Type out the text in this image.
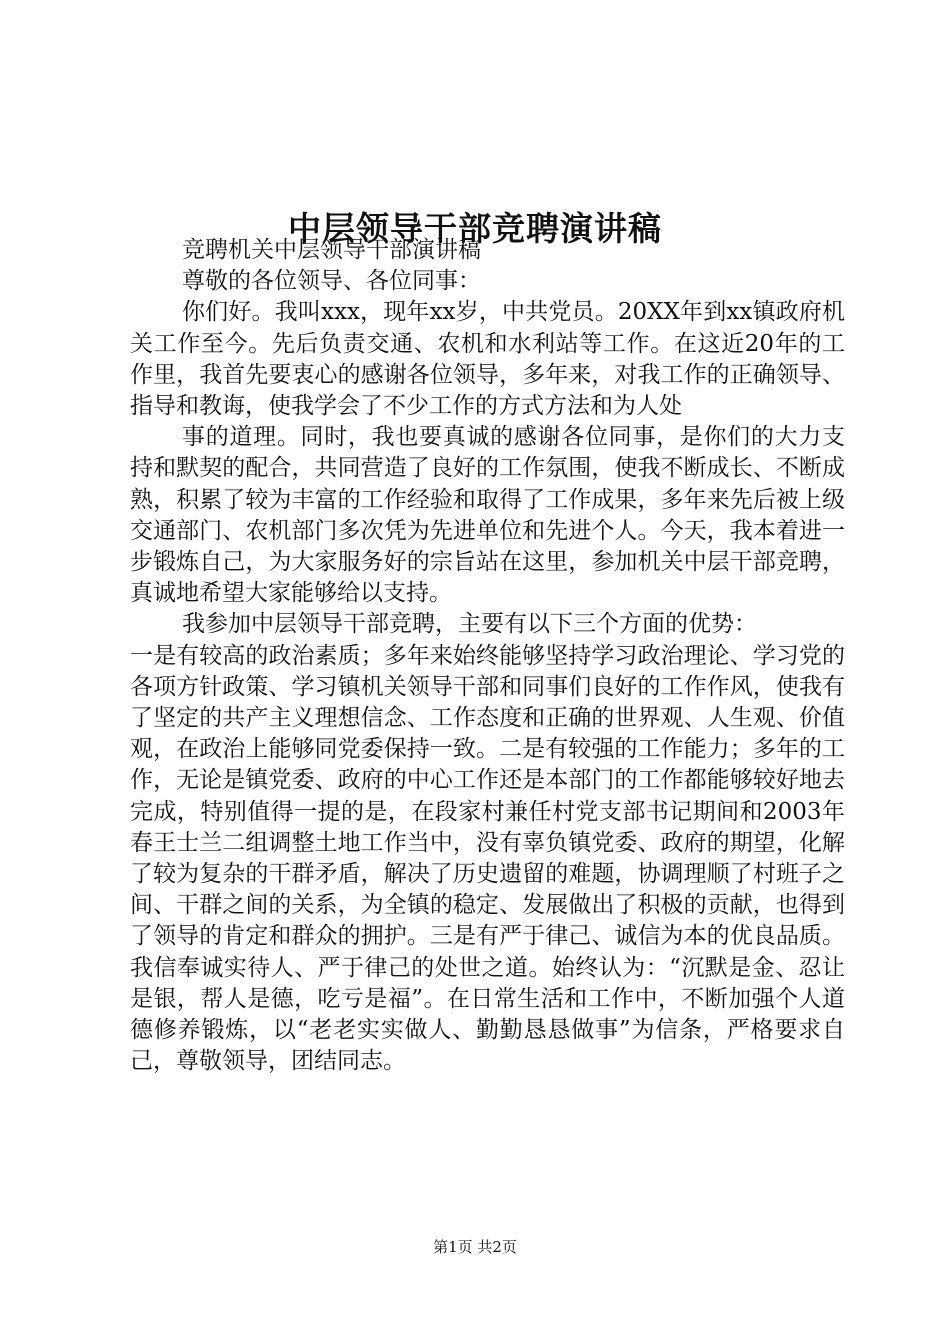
中层领导干部竞聘演讲稿

竞聘机关中层领导干部演讲稿

尊敬的各位领导、各位同事：

你们好。我叫xxx，现年xx岁，中共党员。20XX年到xx镇政府机关工作至今。先后负责交通、农机和水利站等工作。在这近20年的工作里，我首先要衷心的感谢各位领导，多年来，对我工作的正确领导、指导和教诲，使我学会了不少工作的方式方法和为人处

事的道理。同时，我也要真诚的感谢各位同事，是你们的大力支持和默契的配合，共同营造了良好的工作氛围，使我不断成长、不断成熟，积累了较为丰富的工作经验和取得了工作成果，多年来先后被上级交通部门、农机部门多次凭为先进单位和先进个人。今天，我本着进一步锻炼自己，为大家服务好的宗旨站在这里，参加机关中层干部竞聘，真诚地希望大家能够给以支持。

我参加中层领导干部竞聘，主要有以下三个方面的优势：

一是有较高的政治素质；多年来始终能够坚持学习政治理论、学习党的各项方针政策、学习镇机关领导干部和同事们良好的工作作风，使我有了坚定的共产主义理想信念、工作态度和正确的世界观、人生观、价值观，在政治上能够同党委保持一致。二是有较强的工作能力；多年的工作，无论是镇党委、政府的中心工作还是本部门的工作都能够较好地去完成，特别值得一提的是，在段家村兼任村党支部书记期间和2003年春王士兰二组调整土地工作当中，没有辜负镇党委、政府的期望，化解了较为复杂的干群矛盾，解决了历史遗留的难题，协调理顺了村班子之间、干群之间的关系，为全镇的稳定、发展做出了积极的贡献，也得到了领导的肯定和群众的拥护。三是有严于律己、诚信为本的优良品质。我信奉诚实待人、严于律己的处世之道。始终认为：“沉默是金、忍让是银，帮人是德，吃亏是福”。在日常生活和工作中，不断加强个人道德修养锻炼，以“老老实实做人、勤勤恳恳做事”为信条，严格要求自己，尊敬领导，团结同志。

第1页 共2页
